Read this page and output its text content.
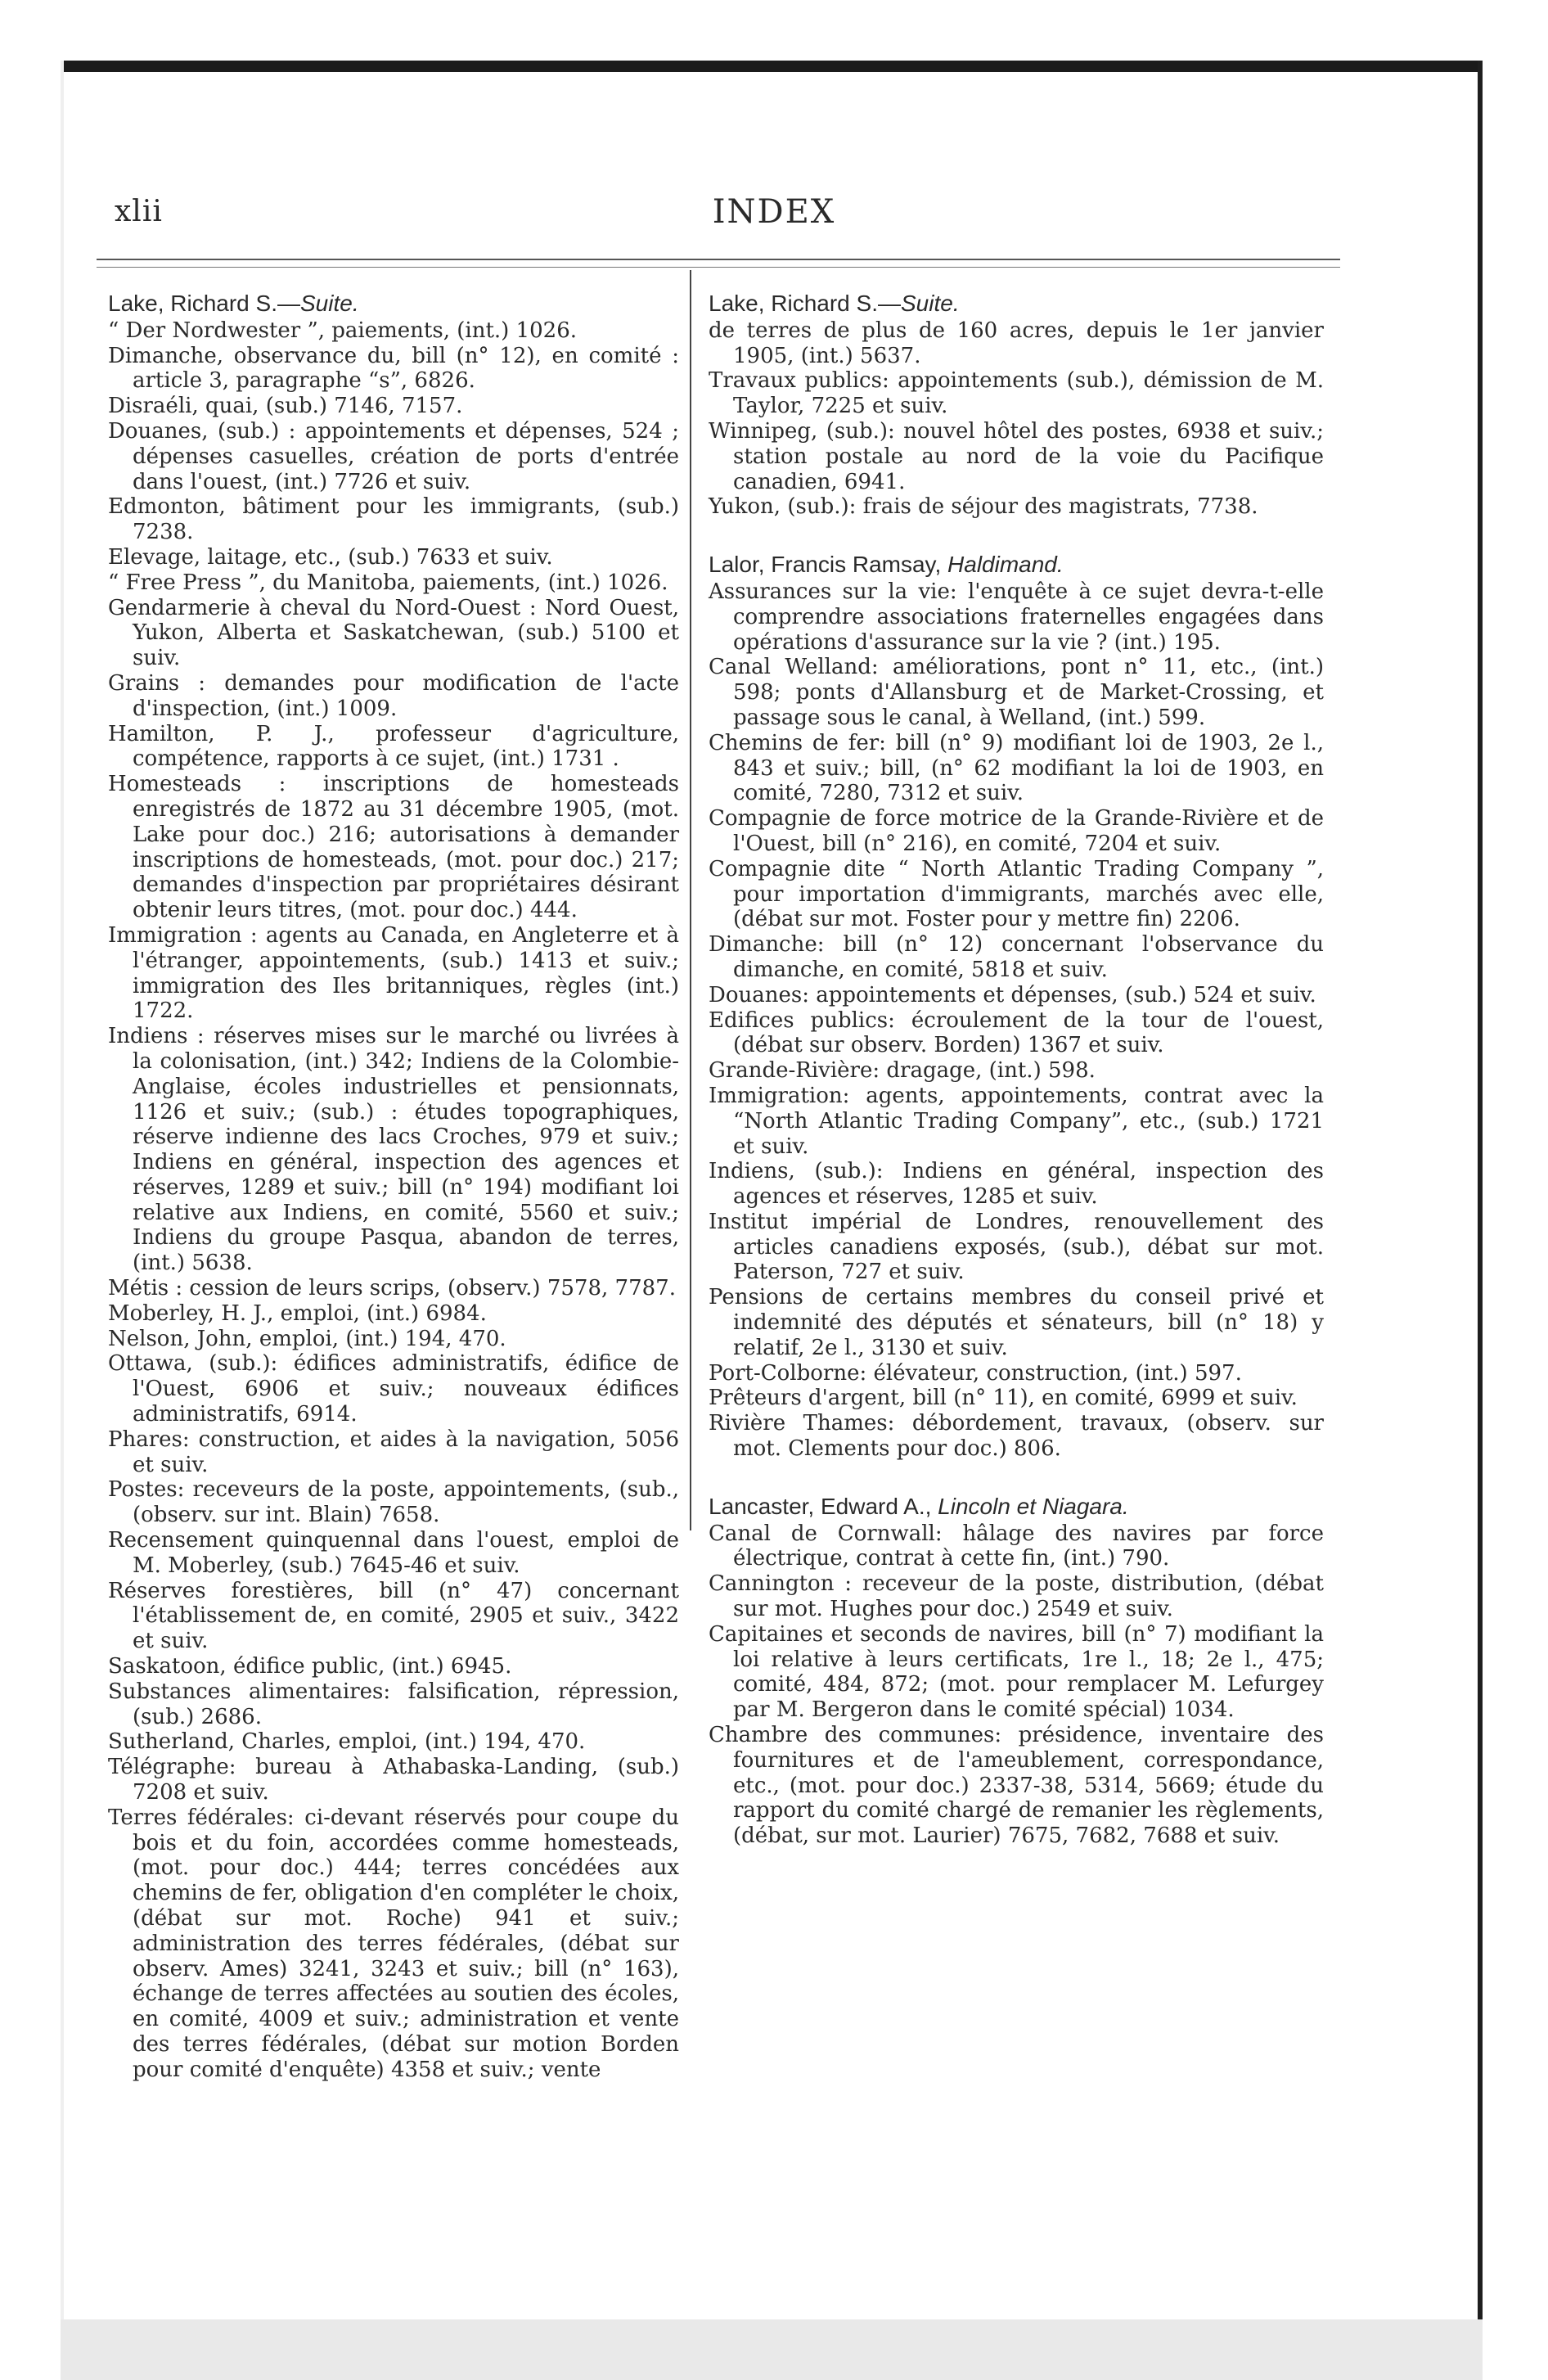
xlii	INDEX
Lake, Richard S.—Suite.

“ Der Nordwester ”, paiements, (int.) 1026.

Dimanche, observance du, bill (n° 12), en comité : article 3, paragraphe “s”, 6826.

Disraéli, quai, (sub.) 7146, 7157.

Douanes, (sub.) : appointements et dépenses, 524 ; dépenses casuelles, création de ports d'entrée dans l'ouest, (int.) 7726 et suiv.

Edmonton, bâtiment pour les immigrants, (sub.) 7238.

Elevage, laitage, etc., (sub.) 7633 et suiv.

“ Free Press ”, du Manitoba, paiements, (int.) 1026.

Gendarmerie à cheval du Nord-Ouest : Nord Ouest, Yukon, Alberta et Saskatchewan, (sub.) 5100 et suiv.

Grains : demandes pour modification de l'acte d'inspection, (int.) 1009.

Hamilton, P. J., professeur d'agriculture, compétence, rapports à ce sujet, (int.) 1731 .

Homesteads : inscriptions de homesteads enregistrés de 1872 au 31 décembre 1905, (mot. Lake pour doc.) 216; autorisations à demander inscriptions de homesteads, (mot. pour doc.) 217; demandes d'inspection par propriétaires désirant obtenir leurs titres, (mot. pour doc.) 444.

Immigration : agents au Canada, en Angleterre et à l'étranger, appointements, (sub.) 1413 et suiv.; immigration des Iles britanniques, règles (int.) 1722.

Indiens : réserves mises sur le marché ou livrées à la colonisation, (int.) 342; Indiens de la Colombie-Anglaise, écoles industrielles et pensionnats, 1126 et suiv.; (sub.) : études topographiques, réserve indienne des lacs Croches, 979 et suiv.; Indiens en général, inspection des agences et réserves, 1289 et suiv.; bill (n° 194) modifiant loi relative aux Indiens, en comité, 5560 et suiv.; Indiens du groupe Pasqua, abandon de terres, (int.) 5638.

Métis : cession de leurs scrips, (observ.) 7578, 7787.

Moberley, H. J., emploi, (int.) 6984.

Nelson, John, emploi, (int.) 194, 470.

Ottawa, (sub.): édifices administratifs, édifice de l'Ouest, 6906 et suiv.; nouveaux édifices administratifs, 6914.

Phares: construction, et aides à la navigation, 5056 et suiv.

Postes: receveurs de la poste, appointements, (sub., (observ. sur int. Blain) 7658.

Recensement quinquennal dans l'ouest, emploi de M. Moberley, (sub.) 7645-46 et suiv.

Réserves forestières, bill (n° 47) concernant l'établissement de, en comité, 2905 et suiv., 3422 et suiv.

Saskatoon, édifice public, (int.) 6945.

Substances alimentaires: falsification, répression, (sub.) 2686.

Sutherland, Charles, emploi, (int.) 194, 470.

Télégraphe: bureau à Athabaska-Landing, (sub.) 7208 et suiv.

Terres fédérales: ci-devant réservés pour coupe du bois et du foin, accordées comme homesteads, (mot. pour doc.) 444; terres concédées aux chemins de fer, obligation d'en compléter le choix, (débat sur mot. Roche) 941 et suiv.; administration des terres fédérales, (débat sur observ. Ames) 3241, 3243 et suiv.; bill (n° 163), échange de terres affectées au soutien des écoles, en comité, 4009 et suiv.; administration et vente des terres fédérales, (débat sur motion Borden pour comité d'enquête) 4358 et suiv.; vente

Lake, Richard S.—Suite.

de terres de plus de 160 acres, depuis le 1er janvier 1905, (int.) 5637.

Travaux publics: appointements (sub.), démission de M. Taylor, 7225 et suiv.

Winnipeg, (sub.): nouvel hôtel des postes, 6938 et suiv.; station postale au nord de la voie du Pacifique canadien, 6941.

Yukon, (sub.): frais de séjour des magistrats, 7738.

Lalor, Francis Ramsay, Haldimand.

Assurances sur la vie: l'enquête à ce sujet devra-t-elle comprendre associations fraternelles engagées dans opérations d'assurance sur la vie ? (int.) 195.

Canal Welland: améliorations, pont n° 11, etc., (int.) 598; ponts d'Allansburg et de Market-Crossing, et passage sous le canal, à Welland, (int.) 599.

Chemins de fer: bill (n° 9) modifiant loi de 1903, 2e l., 843 et suiv.; bill, (n° 62 modifiant la loi de 1903, en comité, 7280, 7312 et suiv.

Compagnie de force motrice de la Grande-Rivière et de l'Ouest, bill (n° 216), en comité, 7204 et suiv.

Compagnie dite “ North Atlantic Trading Company ”, pour importation d'immigrants, marchés avec elle, (débat sur mot. Foster pour y mettre fin) 2206.

Dimanche: bill (n° 12) concernant l'observance du dimanche, en comité, 5818 et suiv.

Douanes: appointements et dépenses, (sub.) 524 et suiv.

Edifices publics: écroulement de la tour de l'ouest, (débat sur observ. Borden) 1367 et suiv.

Grande-Rivière: dragage, (int.) 598.

Immigration: agents, appointements, contrat avec la “North Atlantic Trading Company”, etc., (sub.) 1721 et suiv.

Indiens, (sub.): Indiens en général, inspection des agences et réserves, 1285 et suiv.

Institut impérial de Londres, renouvellement des articles canadiens exposés, (sub.), débat sur mot. Paterson, 727 et suiv.

Pensions de certains membres du conseil privé et indemnité des députés et sénateurs, bill (n° 18) y relatif, 2e l., 3130 et suiv.

Port-Colborne: élévateur, construction, (int.) 597.

Prêteurs d'argent, bill (n° 11), en comité, 6999 et suiv.

Rivière Thames: débordement, travaux, (observ. sur mot. Clements pour doc.) 806.

Lancaster, Edward A., Lincoln et Niagara.

Canal de Cornwall: hâlage des navires par force électrique, contrat à cette fin, (int.) 790.

Cannington : receveur de la poste, distribution, (débat sur mot. Hughes pour doc.) 2549 et suiv.

Capitaines et seconds de navires, bill (n° 7) modifiant la loi relative à leurs certificats, 1re l., 18; 2e l., 475; comité, 484, 872; (mot. pour remplacer M. Lefurgey par M. Bergeron dans le comité spécial) 1034.

Chambre des communes: présidence, inventaire des fournitures et de l'ameublement, correspondance, etc., (mot. pour doc.) 2337-38, 5314, 5669; étude du rapport du comité chargé de remanier les règlements, (débat, sur mot. Laurier) 7675, 7682, 7688 et suiv.
